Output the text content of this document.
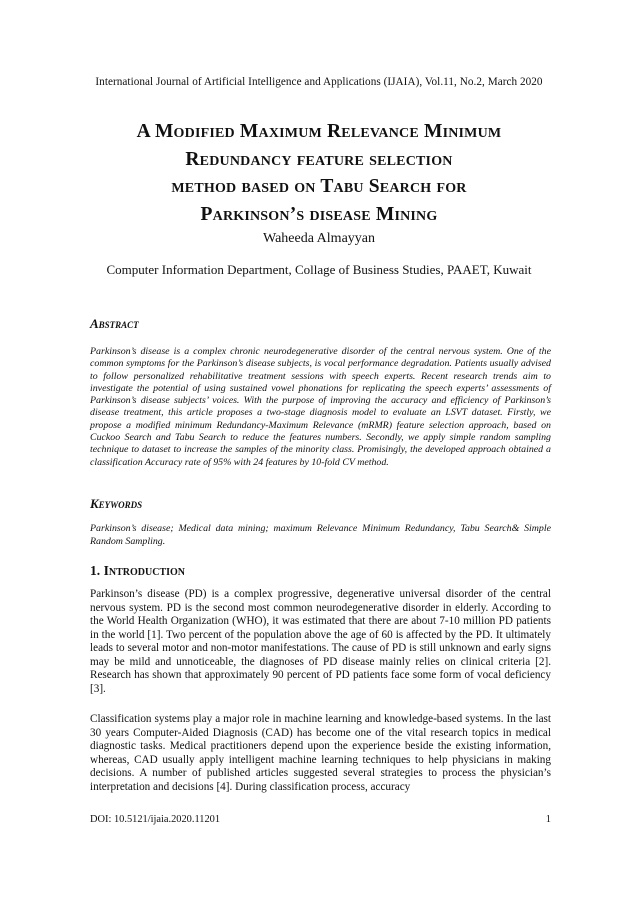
International Journal of Artificial Intelligence and Applications (IJAIA), Vol.11, No.2, March 2020
A Modified Maximum Relevance Minimum
Redundancy feature selection
method based on Tabu Search for
Parkinson’s disease Mining
Waheeda Almayyan
Computer Information Department, Collage of Business Studies, PAAET, Kuwait
Abstract
Parkinson’s disease is a complex chronic neurodegenerative disorder of the central nervous system. One of the common symptoms for the Parkinson’s disease subjects, is vocal performance degradation. Patients usually advised to follow personalized rehabilitative treatment sessions with speech experts. Recent research trends aim to investigate the potential of using sustained vowel phonations for replicating the speech experts’ assessments of Parkinson’s disease subjects’ voices. With the purpose of improving the accuracy and efficiency of Parkinson’s disease treatment, this article proposes a two-stage diagnosis model to evaluate an LSVT dataset. Firstly, we propose a modified minimum Redundancy-Maximum Relevance (mRMR) feature selection approach, based on Cuckoo Search and Tabu Search to reduce the features numbers. Secondly, we apply simple random sampling technique to dataset to increase the samples of the minority class. Promisingly, the developed approach obtained a classification Accuracy rate of 95% with 24 features by 10-fold CV method.
Keywords
Parkinson’s disease; Medical data mining; maximum Relevance Minimum Redundancy, Tabu Search& Simple Random Sampling.
1. Introduction
Parkinson’s disease (PD) is a complex progressive, degenerative universal disorder of the central nervous system. PD is the second most common neurodegenerative disorder in elderly. According to the World Health Organization (WHO), it was estimated that there are about 7-10 million PD patients in the world [1]. Two percent of the population above the age of 60 is affected by the PD. It ultimately leads to several motor and non-motor manifestations. The cause of PD is still unknown and early signs may be mild and unnoticeable, the diagnoses of PD disease mainly relies on clinical criteria [2]. Research has shown that approximately 90 percent of PD patients face some form of vocal deficiency [3].
Classification systems play a major role in machine learning and knowledge-based systems. In the last 30 years Computer-Aided Diagnosis (CAD) has become one of the vital research topics in medical diagnostic tasks. Medical practitioners depend upon the experience beside the existing information, whereas, CAD usually apply intelligent machine learning techniques to help physicians in making decisions. A number of published articles suggested several strategies to process the physician’s interpretation and decisions [4]. During classification process, accuracy
DOI: 10.5121/ijaia.2020.11201	1
